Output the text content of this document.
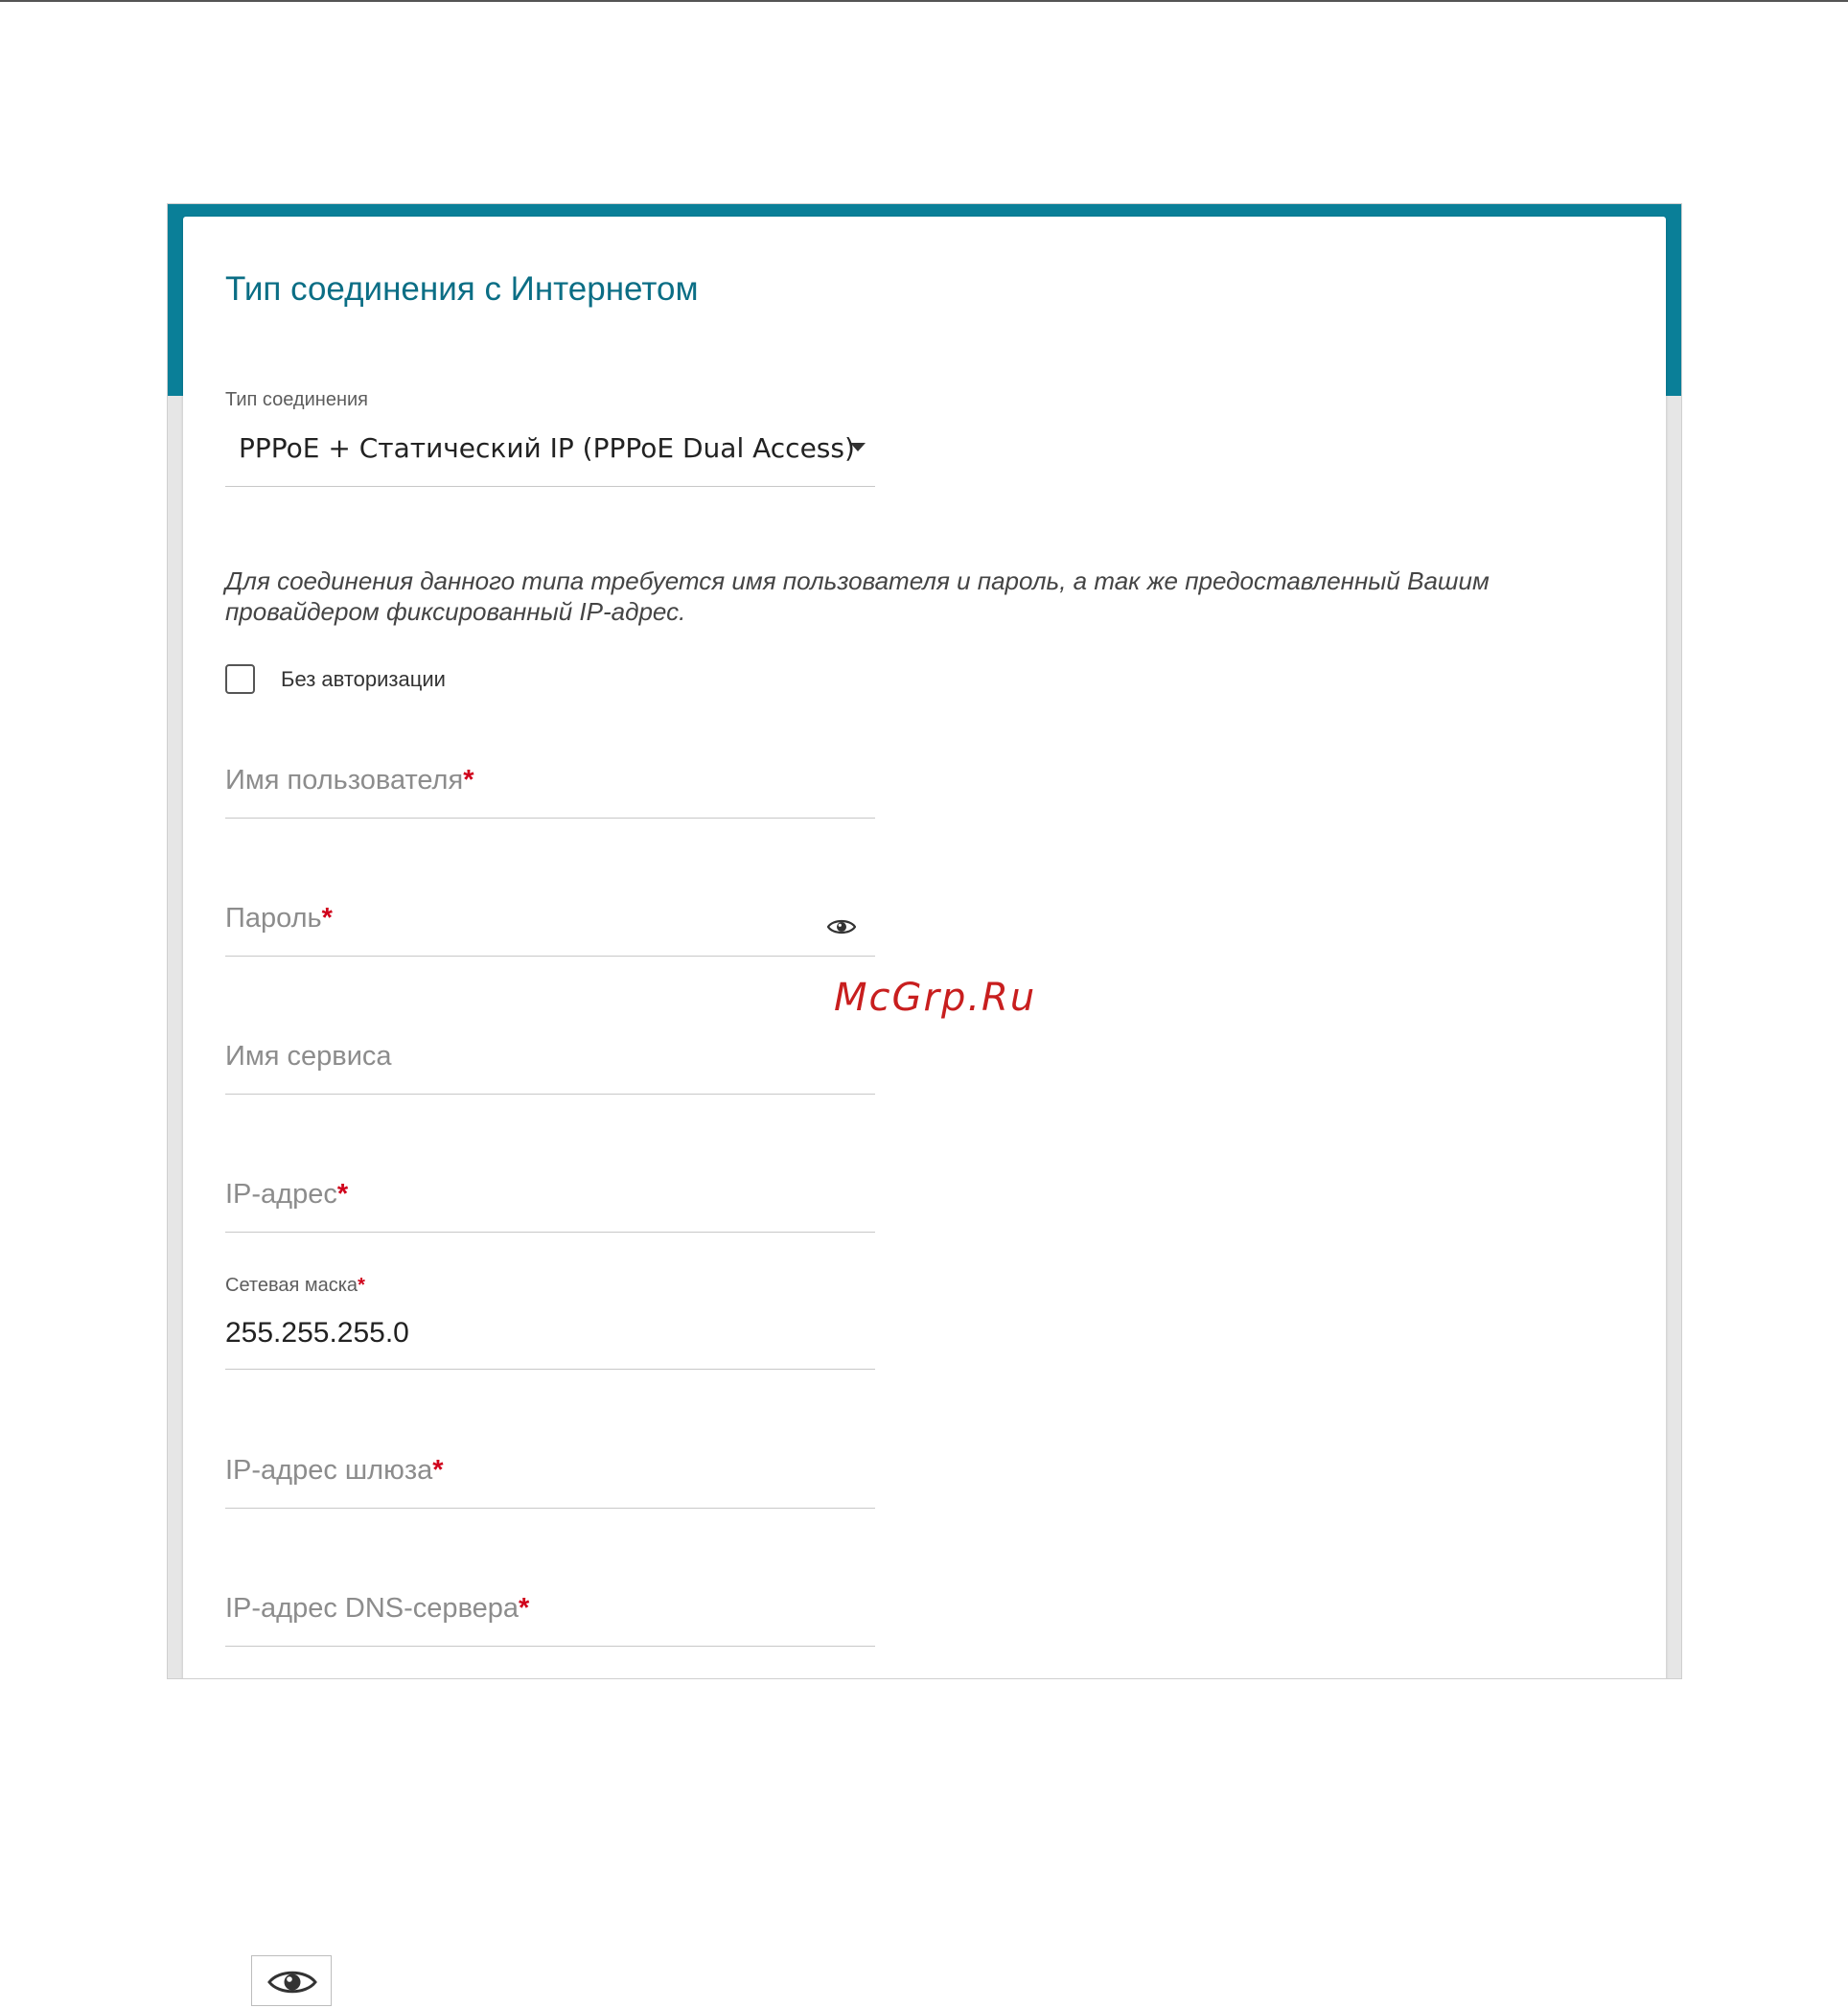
Тип соединения с Интернетом
Тип соединения
PPPoE + Статический IP (PPPoE Dual Access)
Для соединения данного типа требуется имя пользователя и пароль, а так же предоставленный Вашим провайдером фиксированный IP-адрес.
Без авторизации
Имя пользователя*
Пароль*
Имя сервиса
IP-адрес*
Сетевая маска*
255.255.255.0
IP-адрес шлюза*
IP-адрес DNS-сервера*
McGrp.Ru
